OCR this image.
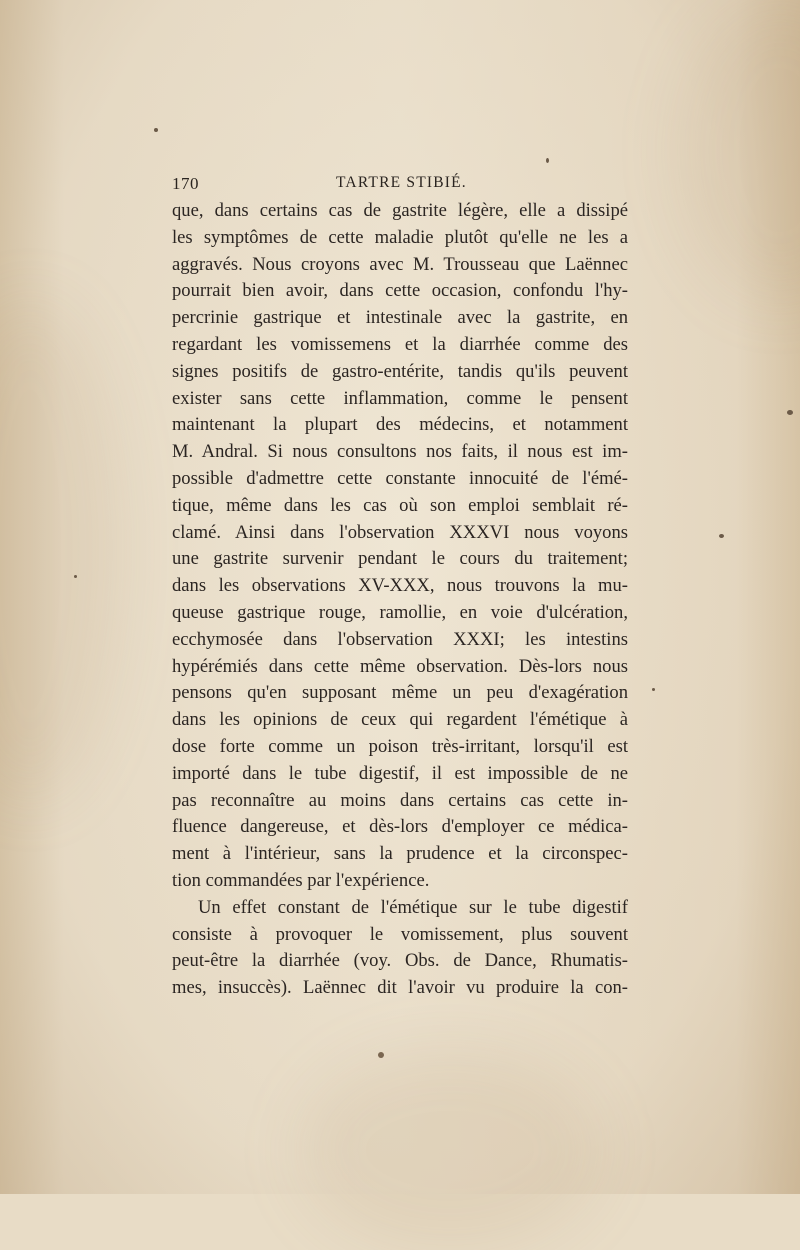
170	TARTRE STIBIÉ.
que, dans certains cas de gastrite légère, elle a dissipé
les symptômes de cette maladie plutôt qu'elle ne les a
aggravés. Nous croyons avec M. Trousseau que Laënnec
pourrait bien avoir, dans cette occasion, confondu l'hy-
percrinie gastrique et intestinale avec la gastrite, en
regardant les vomissemens et la diarrhée comme des
signes positifs de gastro-entérite, tandis qu'ils peuvent
exister sans cette inflammation, comme le pensent
maintenant la plupart des médecins, et notamment
M. Andral. Si nous consultons nos faits, il nous est im-
possible d'admettre cette constante innocuité de l'émé-
tique, même dans les cas où son emploi semblait ré-
clamé. Ainsi dans l'observation XXXVI nous voyons
une gastrite survenir pendant le cours du traitement;
dans les observations XV-XXX, nous trouvons la mu-
queuse gastrique rouge, ramollie, en voie d'ulcération,
ecchymosée dans l'observation XXXI; les intestins
hypérémiés dans cette même observation. Dès-lors nous
pensons qu'en supposant même un peu d'exagération
dans les opinions de ceux qui regardent l'émétique à
dose forte comme un poison très-irritant, lorsqu'il est
importé dans le tube digestif, il est impossible de ne
pas reconnaître au moins dans certains cas cette in-
fluence dangereuse, et dès-lors d'employer ce médica-
ment à l'intérieur, sans la prudence et la circonspec-
tion commandées par l'expérience.
Un effet constant de l'émétique sur le tube digestif
consiste à provoquer le vomissement, plus souvent
peut-être la diarrhée (voy. Obs. de Dance, Rhumatis-
mes, insuccès). Laënnec dit l'avoir vu produire la con-
